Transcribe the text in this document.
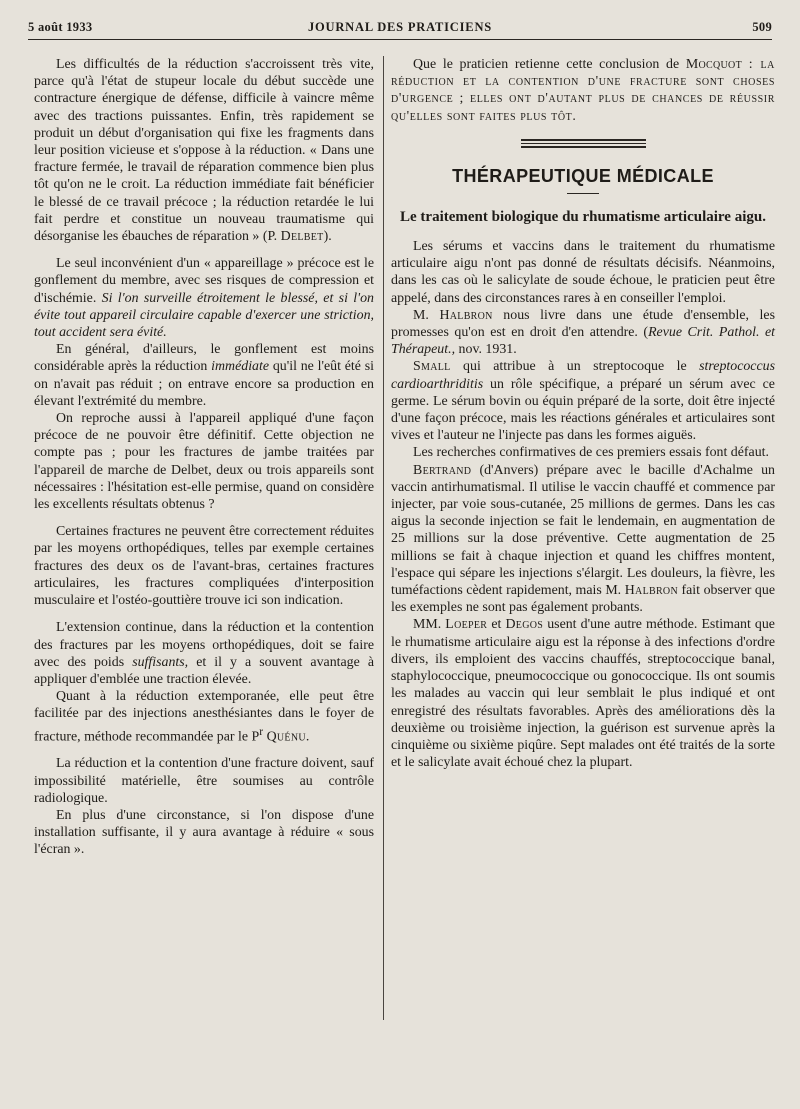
5 août 1933	JOURNAL DES PRATICIENS	509

Les difficultés de la réduction s'accroissent très vite, parce qu'à l'état de stupeur locale du début succède une contracture énergique de défense, difficile à vaincre même avec des tractions puissantes. Enfin, très rapidement se produit un début d'organisation qui fixe les fragments dans leur position vicieuse et s'oppose à la réduction. « Dans une fracture fermée, le travail de réparation commence bien plus tôt qu'on ne le croit. La réduction immédiate fait bénéficier le blessé de ce travail précoce ; la réduction retardée le lui fait perdre et constitue un nouveau traumatisme qui désorganise les ébauches de réparation » (P. Delbet).

Le seul inconvénient d'un « appareillage » précoce est le gonflement du membre, avec ses risques de compression et d'ischémie. Si l'on surveille étroitement le blessé, et si l'on évite tout appareil circulaire capable d'exercer une striction, tout accident sera évité.

En général, d'ailleurs, le gonflement est moins considérable après la réduction immédiate qu'il ne l'eût été si on n'avait pas réduit ; on entrave encore sa production en élevant l'extrémité du membre.

On reproche aussi à l'appareil appliqué d'une façon précoce de ne pouvoir être définitif. Cette objection ne compte pas ; pour les fractures de jambe traitées par l'appareil de marche de Delbet, deux ou trois appareils sont nécessaires : l'hésitation est-elle permise, quand on considère les excellents résultats obtenus ?

Certaines fractures ne peuvent être correctement réduites par les moyens orthopédiques, telles par exemple certaines fractures des deux os de l'avant-bras, certaines fractures articulaires, les fractures compliquées d'interposition musculaire et l'ostéo-gouttière trouve ici son indication.

L'extension continue, dans la réduction et la contention des fractures par les moyens orthopédiques, doit se faire avec des poids suffisants, et il y a souvent avantage à appliquer d'emblée une traction élevée.

Quant à la réduction extemporanée, elle peut être facilitée par des injections anesthésiantes dans le foyer de fracture, méthode recommandée par le $P^r$ Quénu.

La réduction et la contention d'une fracture doivent, sauf impossibilité matérielle, être soumises au contrôle radiologique.

En plus d'une circonstance, si l'on dispose d'une installation suffisante, il y aura avantage à réduire « sous l'écran ».

Que le praticien retienne cette conclusion de Mocquot : la réduction et la contention d'une fracture sont choses d'urgence ; elles ont d'autant plus de chances de réussir qu'elles sont faites plus tôt.

THÉRAPEUTIQUE MÉDICALE
Le traitement biologique du rhumatisme articulaire aigu.

Les sérums et vaccins dans le traitement du rhumatisme articulaire aigu n'ont pas donné de résultats décisifs. Néanmoins, dans les cas où le salicylate de soude échoue, le praticien peut être appelé, dans des circonstances rares à en conseiller l'emploi.

M. Halbron nous livre dans une étude d'ensemble, les promesses qu'on est en droit d'en attendre. (Revue Crit. Pathol. et Thérapeut., nov. 1931.

Small qui attribue à un streptocoque le streptococcus cardioarthriditis un rôle spécifique, a préparé un sérum avec ce germe. Le sérum bovin ou équin préparé de la sorte, doit être injecté d'une façon précoce, mais les réactions générales et articulaires sont vives et l'auteur ne l'injecte pas dans les formes aiguës.

Les recherches confirmatives de ces premiers essais font défaut.

Bertrand (d'Anvers) prépare avec le bacille d'Achalme un vaccin antirhumatismal. Il utilise le vaccin chauffé et commence par injecter, par voie sous-cutanée, 25 millions de germes. Dans les cas aigus la seconde injection se fait le lendemain, en augmentation de 25 millions sur la dose préventive. Cette augmentation de 25 millions se fait à chaque injection et quand les chiffres montent, l'espace qui sépare les injections s'élargit. Les douleurs, la fièvre, les tuméfactions cèdent rapidement, mais M. Halbron fait observer que les exemples ne sont pas également probants.

MM. Loeper et Degos usent d'une autre méthode. Estimant que le rhumatisme articulaire aigu est la réponse à des infections d'ordre divers, ils emploient des vaccins chauffés, streptococcique banal, staphylococcique, pneumococcique ou gonococcique. Ils ont soumis les malades au vaccin qui leur semblait le plus indiqué et ont enregistré des résultats favorables. Après des améliorations dès la deuxième ou troisième injection, la guérison est survenue après la cinquième ou sixième piqûre. Sept malades ont été traités de la sorte et le salicylate avait échoué chez la plupart.
